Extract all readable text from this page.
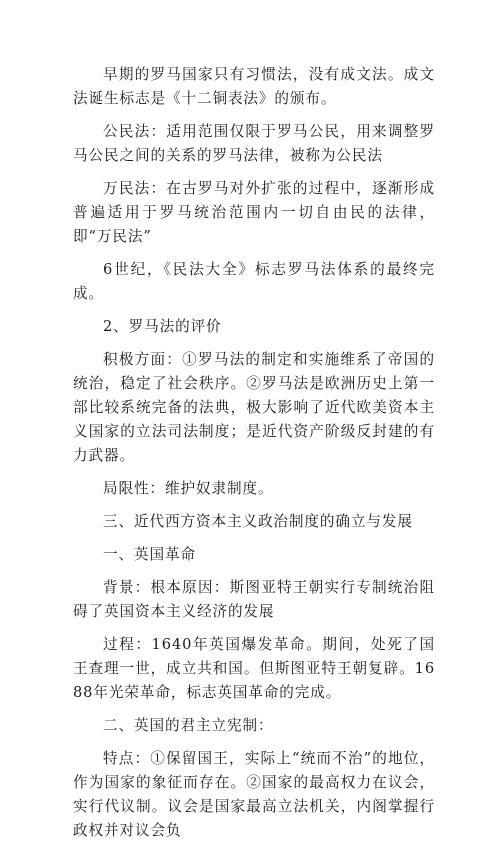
早期的罗马国家只有习惯法，没有成文法。成文法诞生标志是《十二铜表法》的颁布。

公民法：适用范围仅限于罗马公民，用来调整罗马公民之间的关系的罗马法律，被称为公民法

万民法：在古罗马对外扩张的过程中，逐渐形成普遍适用于罗马统治范围内一切自由民的法律，即“万民法”

6世纪，《民法大全》标志罗马法体系的最终完成。

2、罗马法的评价

积极方面：①罗马法的制定和实施维系了帝国的统治，稳定了社会秩序。②罗马法是欧洲历史上第一部比较系统完备的法典，极大影响了近代欧美资本主义国家的立法司法制度；是近代资产阶级反封建的有力武器。

局限性：维护奴隶制度。

三、近代西方资本主义政治制度的确立与发展

一、英国革命

背景：根本原因：斯图亚特王朝实行专制统治阻碍了英国资本主义经济的发展

过程：1640年英国爆发革命。期间，处死了国王查理一世，成立共和国。但斯图亚特王朝复辟。1688年光荣革命，标志英国革命的完成。

二、英国的君主立宪制：

特点：①保留国王，实际上“统而不治”的地位，作为国家的象征而存在。②国家的最高权力在议会，实行代议制。议会是国家最高立法机关，内阁掌握行政权并对议会负
